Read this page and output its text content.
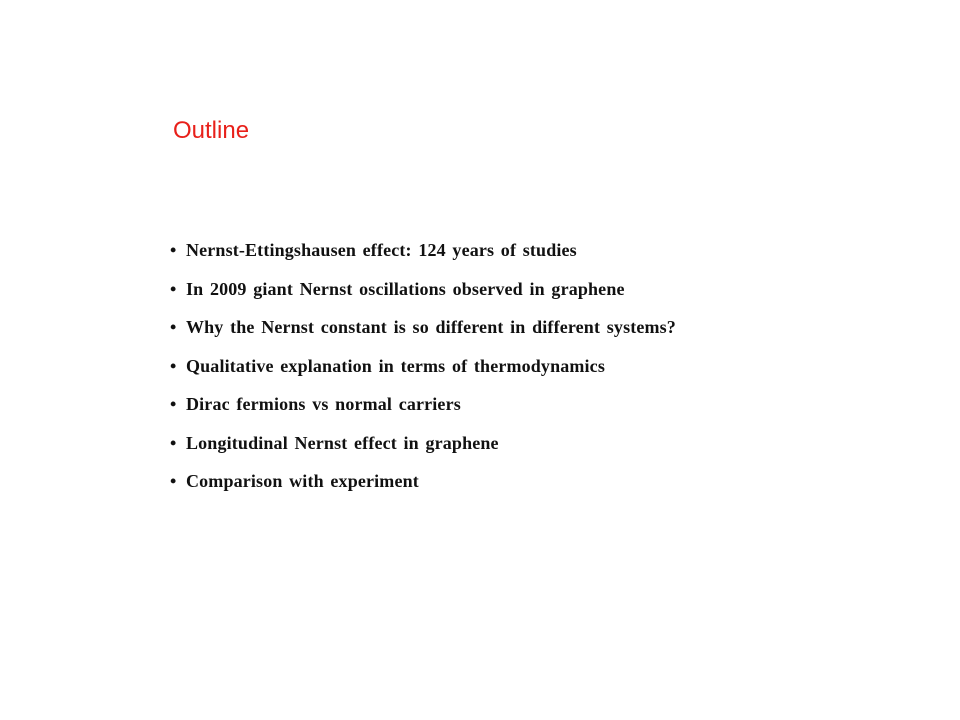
Outline
• Nernst-Ettingshausen effect: 124 years of studies
• In 2009 giant Nernst oscillations observed in graphene
• Why the Nernst constant is so different in different systems?
• Qualitative explanation in terms of thermodynamics
• Dirac fermions vs normal carriers
• Longitudinal Nernst effect in graphene
• Comparison with experiment
